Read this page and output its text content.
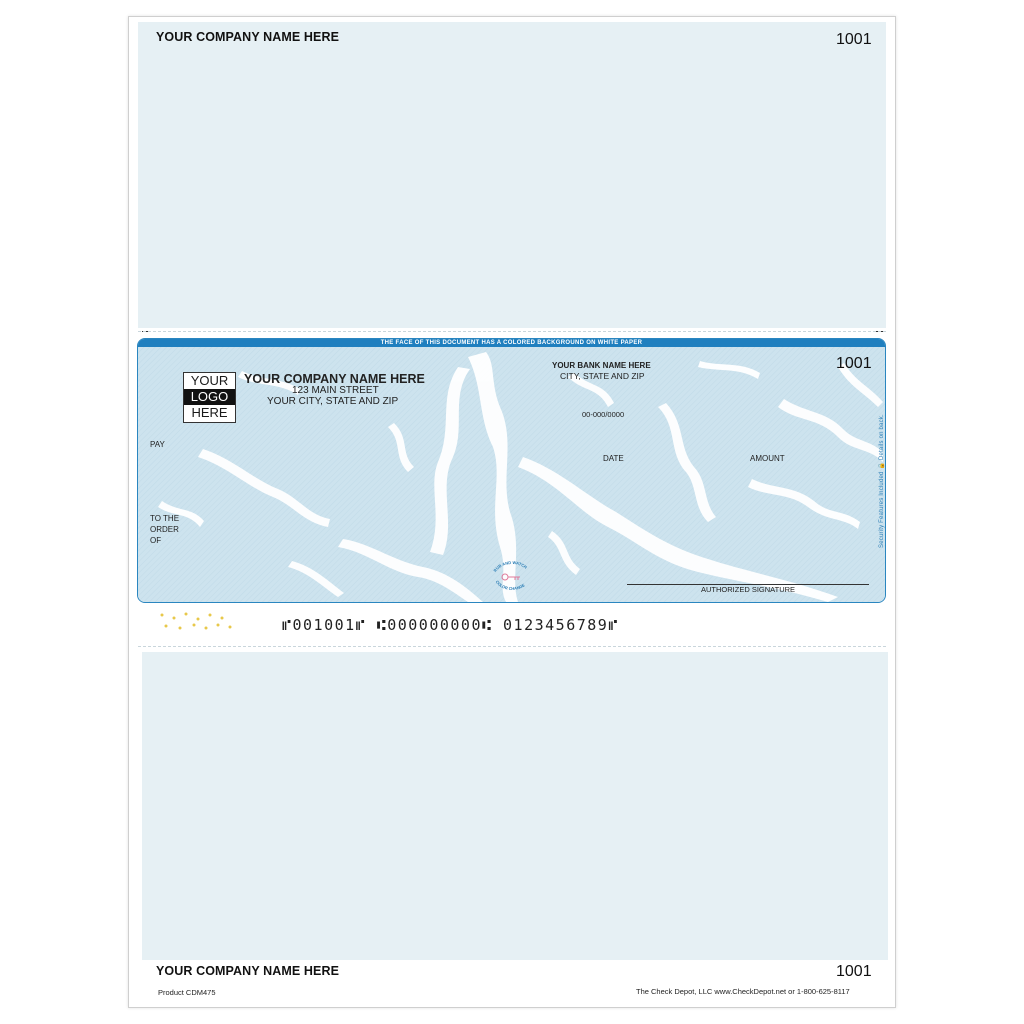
YOUR COMPANY NAME HERE	1001
THE FACE OF THIS DOCUMENT HAS A COLORED BACKGROUND ON WHITE PAPER
1001
YOUR
LOGO
HERE
YOUR COMPANY NAME HERE
123 MAIN STREET
YOUR CITY, STATE AND ZIP
YOUR BANK NAME HERE
CITY, STATE AND ZIP
00-000/0000
PAY
DATE	AMOUNT
TO THE
ORDER
OF
RUB AND WATCH
COLOR CHANGE	AUTHORIZED SIGNATURE
Security Features Included 🔒 Details on back.
⑈001001⑈ ⑆000000000⑆ 0123456789⑈
YOUR COMPANY NAME HERE	1001
Product CDM475	The Check Depot, LLC www.CheckDepot.net or 1-800-625-8117
